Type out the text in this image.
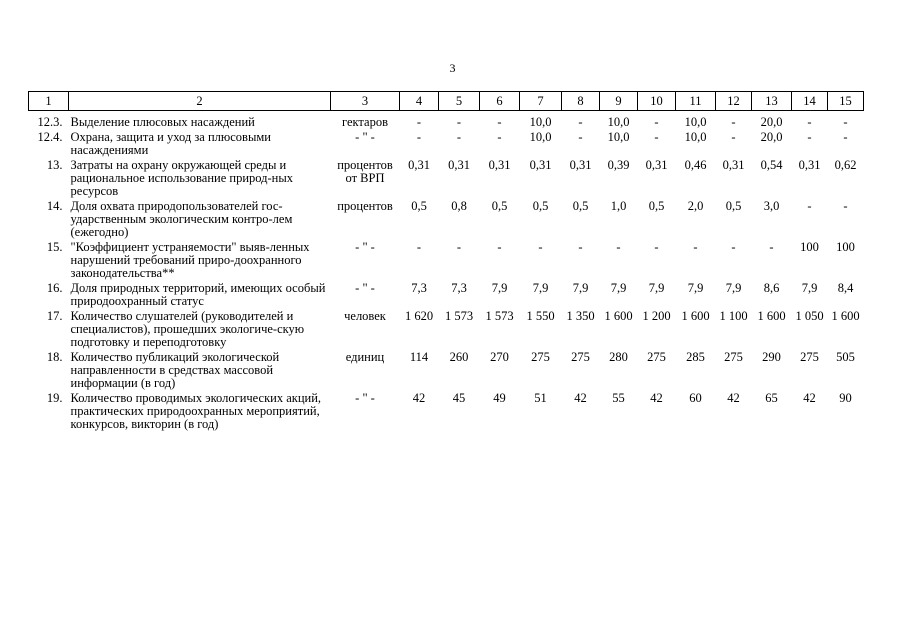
3
1	2	3	4	5	6	7	8	9	10	11	12	13	14	15
12.3.	Выделение плюсовых насаждений	гектаров	-	-	-	10,0	-	10,0	-	10,0	-	20,0	-	-
12.4.	Охрана, защита и уход за плюсовыми насаждениями	- " -	-	-	-	10,0	-	10,0	-	10,0	-	20,0	-	-
13.	Затраты на охрану окружающей среды и рациональное использование природ-ных ресурсов	процентов от ВРП	0,31	0,31	0,31	0,31	0,31	0,39	0,31	0,46	0,31	0,54	0,31	0,62
14.	Доля охвата природопользователей гос-ударственным экологическим контро-лем (ежегодно)	процентов	0,5	0,8	0,5	0,5	0,5	1,0	0,5	2,0	0,5	3,0	-	-
15.	"Коэффициент устраняемости" выяв-ленных нарушений требований приро-доохранного законодательства**	- " -	-	-	-	-	-	-	-	-	-	-	100	100
16.	Доля природных территорий, имеющих особый природоохранный статус	- " -	7,3	7,3	7,9	7,9	7,9	7,9	7,9	7,9	7,9	8,6	7,9	8,4
17.	Количество слушателей (руководителей и специалистов), прошедших экологиче-скую подготовку и переподготовку	человек	1 620	1 573	1 573	1 550	1 350	1 600	1 200	1 600	1 100	1 600	1 050	1 600
18.	Количество публикаций экологической направленности в средствах массовой информации (в год)	единиц	114	260	270	275	275	280	275	285	275	290	275	505
19.	Количество проводимых экологических акций, практических природоохранных мероприятий, конкурсов, викторин (в год)	- " -	42	45	49	51	42	55	42	60	42	65	42	90
